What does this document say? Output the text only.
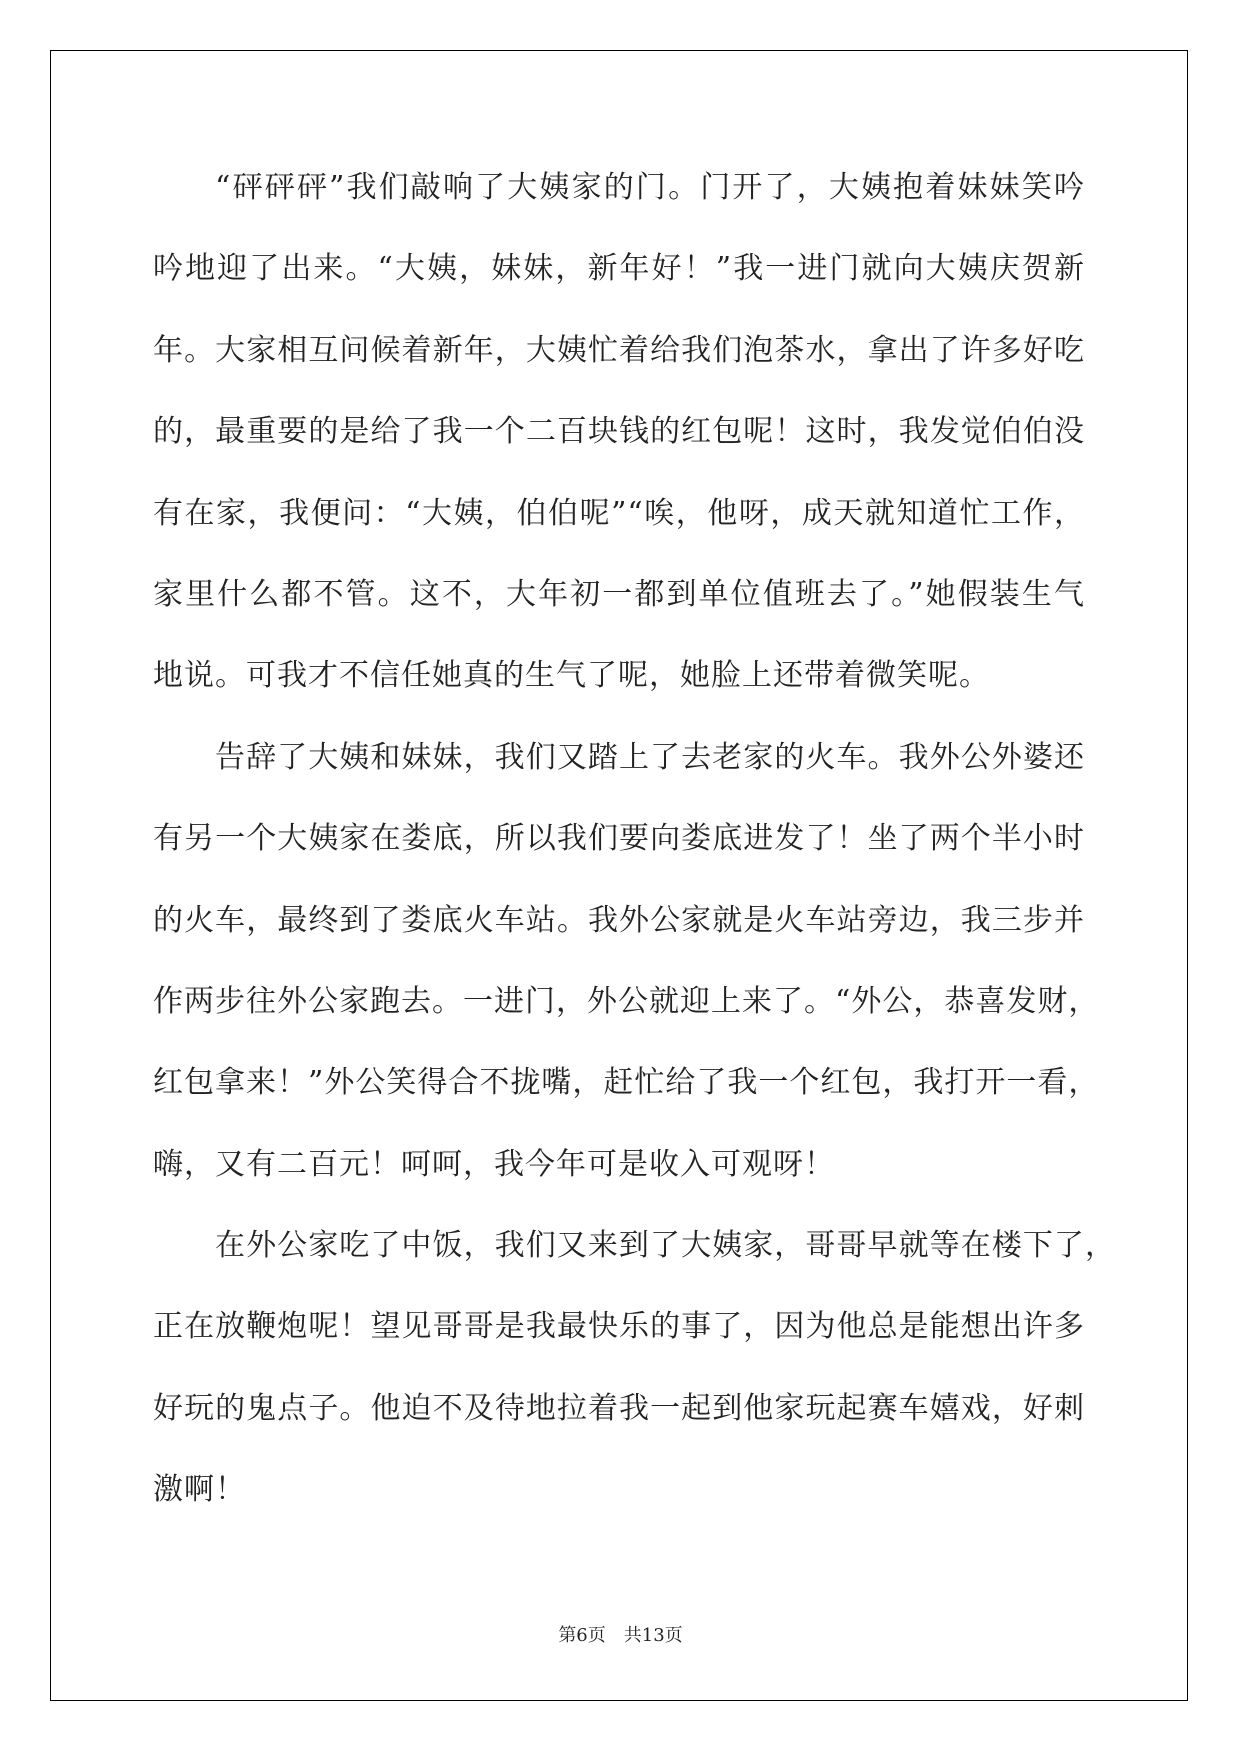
“砰砰砰”我们敲响了大姨家的门。门开了，大姨抱着妹妹笑吟
吟地迎了出来。“大姨，妹妹，新年好！”我一进门就向大姨庆贺新
年。大家相互问候着新年，大姨忙着给我们泡茶水，拿出了许多好吃
的，最重要的是给了我一个二百块钱的红包呢！这时，我发觉伯伯没
有在家，我便问：“大姨，伯伯呢”“唉，他呀，成天就知道忙工作，
家里什么都不管。这不，大年初一都到单位值班去了。”她假装生气
地说。可我才不信任她真的生气了呢，她脸上还带着微笑呢。
告辞了大姨和妹妹，我们又踏上了去老家的火车。我外公外婆还
有另一个大姨家在娄底，所以我们要向娄底进发了！坐了两个半小时
的火车，最终到了娄底火车站。我外公家就是火车站旁边，我三步并
作两步往外公家跑去。一进门，外公就迎上来了。“外公，恭喜发财，
红包拿来！”外公笑得合不拢嘴，赶忙给了我一个红包，我打开一看，
嗨，又有二百元！呵呵，我今年可是收入可观呀！
在外公家吃了中饭，我们又来到了大姨家，哥哥早就等在楼下了，
正在放鞭炮呢！望见哥哥是我最快乐的事了，因为他总是能想出许多
好玩的鬼点子。他迫不及待地拉着我一起到他家玩起赛车嬉戏，好刺
激啊！
第6页　共13页
